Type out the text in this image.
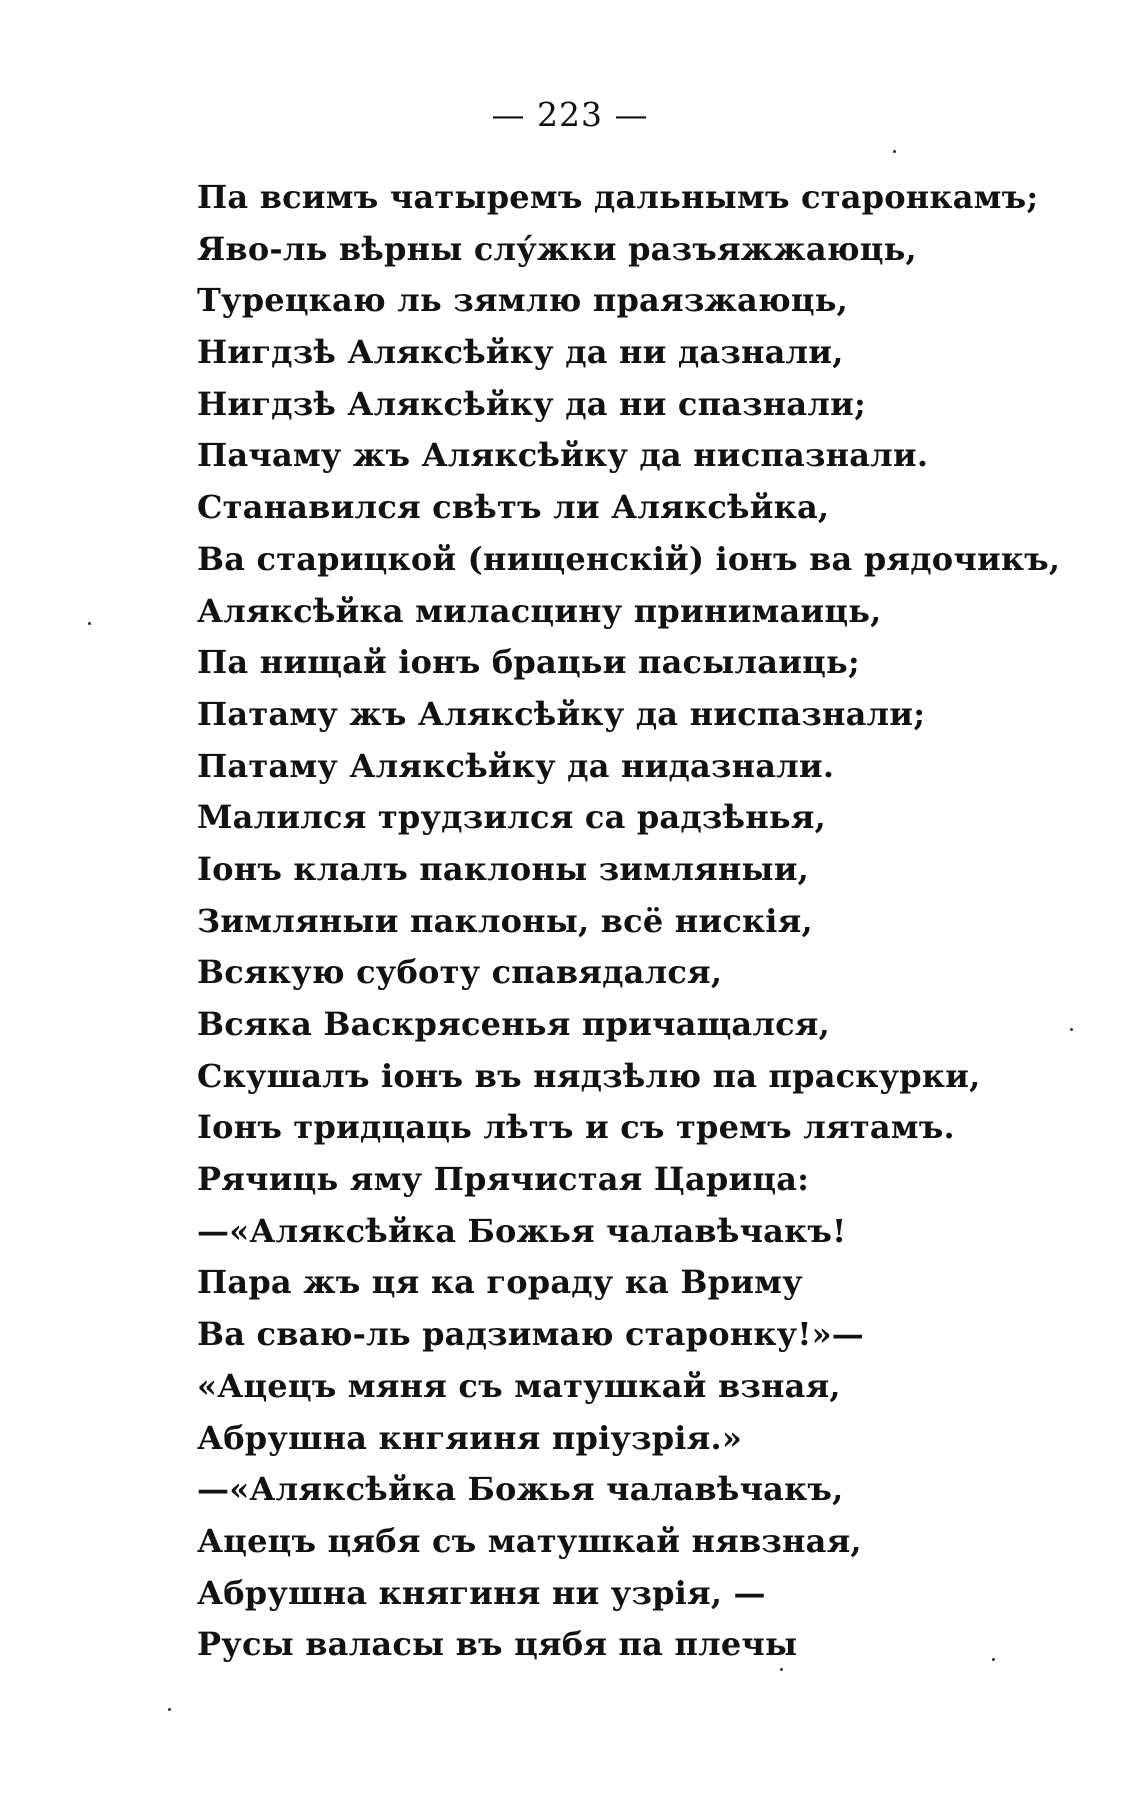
— 223 —
Па всимъ чатыремъ дальнымъ старонкамъ;
Яво-ль вѣрны слу́жки разъяжжаюць,
Турецкаю ль зямлю праязжаюць,
Нигдзѣ Аляксѣйку да ни дазнали,
Нигдзѣ Аляксѣйку да ни спазнали;
Пачаму жъ Аляксѣйку да ниспазнали.
Станавился свѣтъ ли Аляксѣйка,
Ва старицкой (нищенскій) іонъ ва рядочикъ,
Аляксѣйка миласцину принимаиць,
Па нищай іонъ брацьи пасылаиць;
Патаму жъ Аляксѣйку да ниспазнали;
Патаму Аляксѣйку да нидазнали.
Малился трудзился са радзѣнья,
Іонъ клалъ паклоны зимляныи,
Зимляныи паклоны, всё нискія,
Всякую суботу спавядался,
Всяка Васкрясенья причащался,
Скушалъ іонъ въ нядзѣлю па праскурки,
Іонъ тридцаць лѣтъ и съ тремъ лятамъ.
Рячиць яму Прячистая Царица:
—«Аляксѣйка Божья чалавѣчакъ!
Пара жъ ця ка гораду ка Вриму
Ва сваю-ль радзимаю старонку!»—
«Ацецъ мяня съ матушкай взная,
Абрушна кнгяиня пріузрія.»
—«Аляксѣйка Божья чалавѣчакъ,
Ацецъ цябя съ матушкай нявзная,
Абрушна княгиня ни узрія, —
Русы валасы въ цябя па плечы
